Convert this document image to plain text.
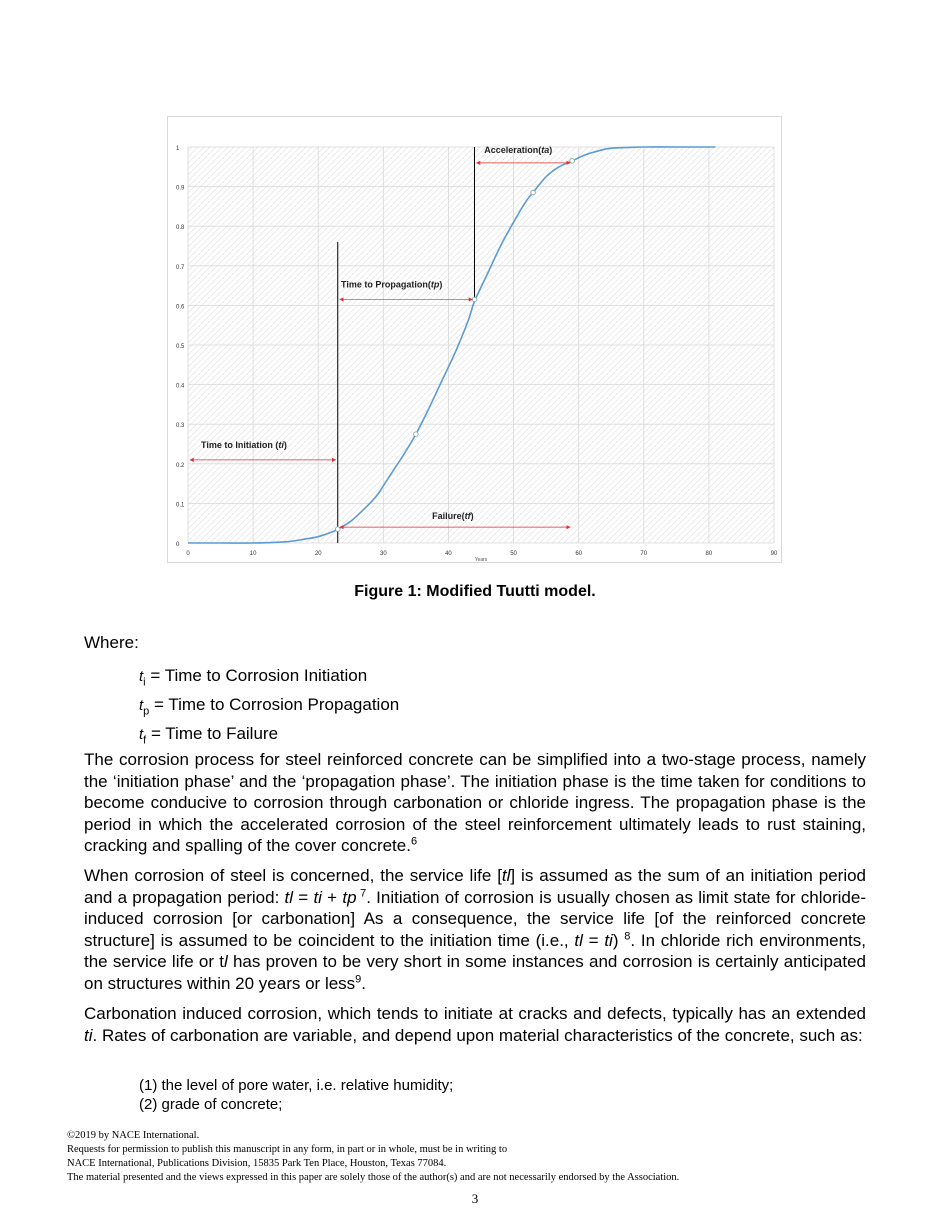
0
0.1
0.2
0.3
0.4
0.5
0.6
0.7
0.8
0.9
1
0	10	20	30	40	50	60	70	80	90
Years
Acceleration(ta)
Time to Propagation(tp)
Time to Initiation (ti)
Failure(tf)
Figure 1: Modified Tuutti model.
Where:
$t_i$ = Time to Corrosion Initiation
$t_p$ = Time to Corrosion Propagation
$t_f$ = Time to Failure

The corrosion process for steel reinforced concrete can be simplified into a two-stage process, namely the ‘initiation phase’ and the ‘propagation phase’. The initiation phase is the time taken for conditions to become conducive to corrosion through carbonation or chloride ingress. The propagation phase is the period in which the accelerated corrosion of the steel reinforcement ultimately leads to rust staining, cracking and spalling of the cover concrete.$^6$

When corrosion of steel is concerned, the service life [tl] is assumed as the sum of an initiation period and a propagation period: tl = ti + tp $^7$. Initiation of corrosion is usually chosen as limit state for chloride-induced corrosion [or carbonation] As a consequence, the service life [of the reinforced concrete structure] is assumed to be coincident to the initiation time (i.e., tl = ti) $^8$. In chloride rich environments, the service life or tl has proven to be very short in some instances and corrosion is certainly anticipated on structures within 20 years or less$^9$.

Carbonation induced corrosion, which tends to initiate at cracks and defects, typically has an extended ti. Rates of carbonation are variable, and depend upon material characteristics of the concrete, such as:

(1) the level of pore water, i.e. relative humidity;
(2) grade of concrete;
©2019 by NACE International.
Requests for permission to publish this manuscript in any form, in part or in whole, must be in writing to
NACE International, Publications Division, 15835 Park Ten Place, Houston, Texas 77084.
The material presented and the views expressed in this paper are solely those of the author(s) and are not necessarily endorsed by the Association.
3
